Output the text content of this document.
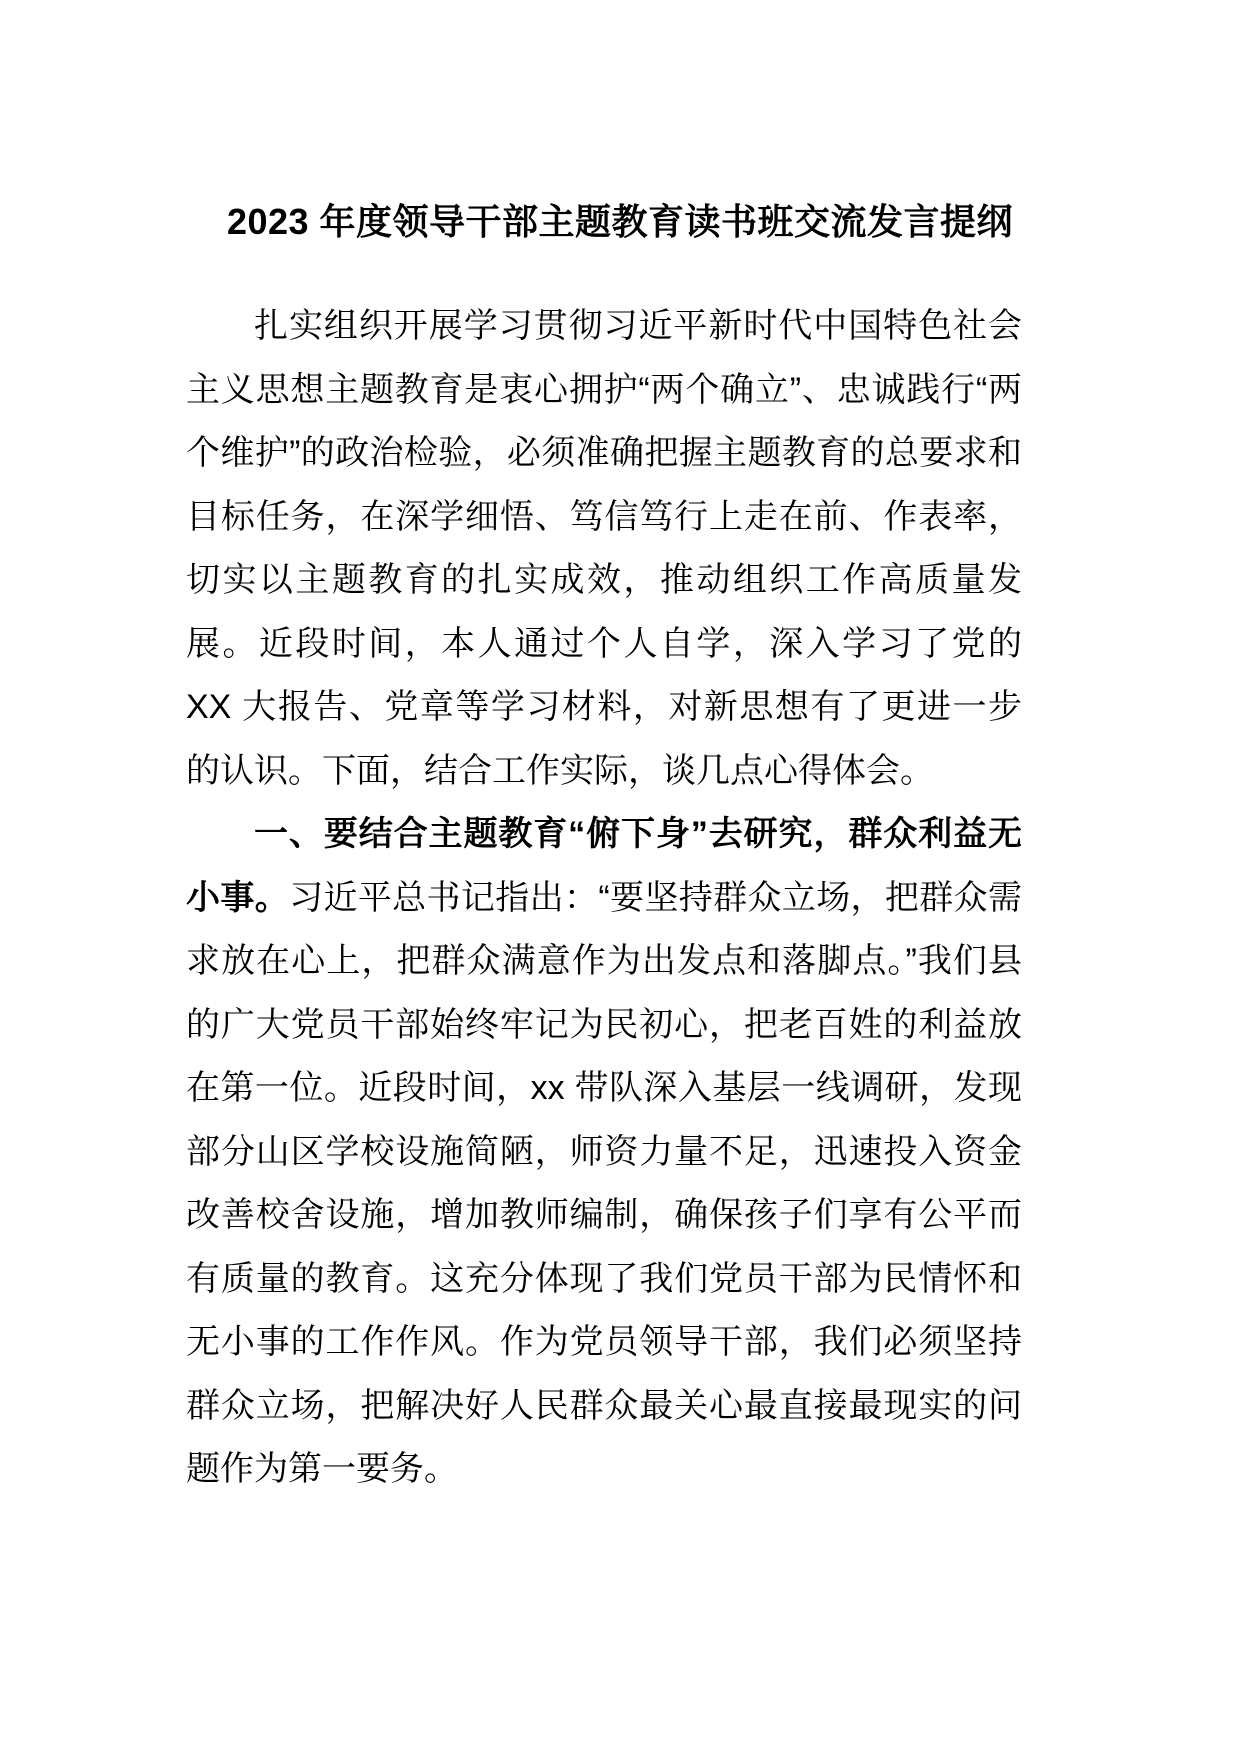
2023 年度领导干部主题教育读书班交流发言提纲

扎实组织开展学习贯彻习近平新时代中国特色社会主义思想主题教育是衷心拥护“两个确立”、忠诚践行“两个维护”的政治检验，必须准确把握主题教育的总要求和目标任务，在深学细悟、笃信笃行上走在前、作表率，切实以主题教育的扎实成效，推动组织工作高质量发展。近段时间，本人通过个人自学，深入学习了党的 XX 大报告、党章等学习材料，对新思想有了更进一步的认识。下面，结合工作实际，谈几点心得体会。

一、要结合主题教育“俯下身”去研究，群众利益无小事。习近平总书记指出：“要坚持群众立场，把群众需求放在心上，把群众满意作为出发点和落脚点。”我们县的广大党员干部始终牢记为民初心，把老百姓的利益放在第一位。近段时间，xx 带队深入基层一线调研，发现部分山区学校设施简陋，师资力量不足，迅速投入资金改善校舍设施，增加教师编制，确保孩子们享有公平而有质量的教育。这充分体现了我们党员干部为民情怀和无小事的工作作风。作为党员领导干部，我们必须坚持群众立场，把解决好人民群众最关心最直接最现实的问题作为第一要务。
